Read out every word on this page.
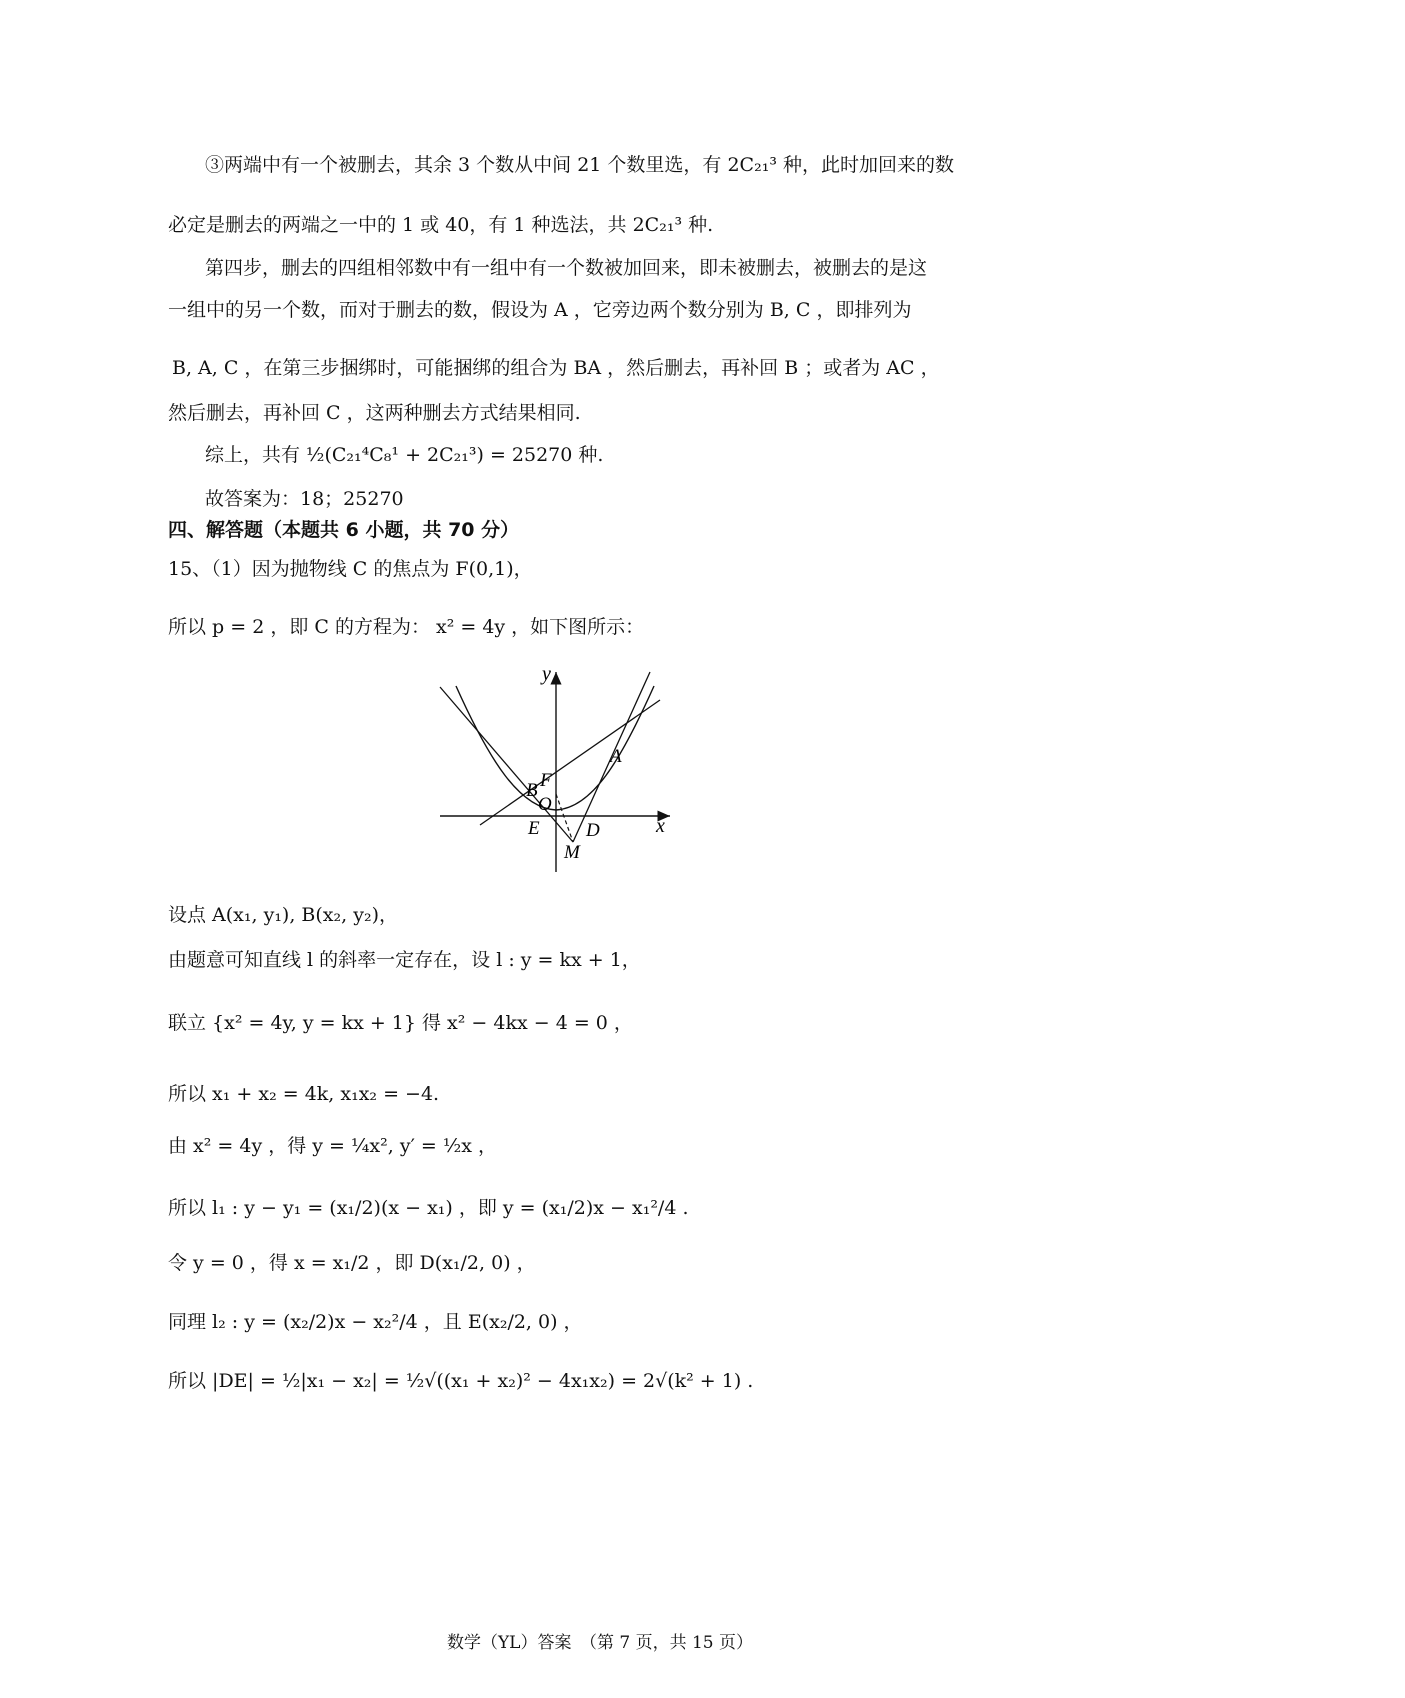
③两端中有一个被删去，其余 3 个数从中间 21 个数里选，有 2C₂₁³ 种，此时加回来的数
必定是删去的两端之一中的 1 或 40，有 1 种选法，共 2C₂₁³ 种.
第四步，删去的四组相邻数中有一组中有一个数被加回来，即未被删去，被删去的是这
一组中的另一个数，而对于删去的数，假设为 A ，它旁边两个数分别为 B, C ，即排列为
B, A, C ，在第三步捆绑时，可能捆绑的组合为 BA ，然后删去，再补回 B ；或者为 AC ，
然后删去，再补回 C ，这两种删去方式结果相同.
综上，共有 ½(C₂₁⁴C₈¹ + 2C₂₁³) = 25270 种.
故答案为：18；25270
四、解答题（本题共 6 小题，共 70 分）
15、（1）因为抛物线 C 的焦点为 F(0,1)，
所以 p = 2 ，即 C 的方程为： x² = 4y ，如下图所示：
y
x
A
B F
O
E D
M
设点 A(x₁, y₁), B(x₂, y₂)，
由题意可知直线 l 的斜率一定存在，设 l : y = kx + 1，
联立 {x² = 4y, y = kx + 1} 得 x² − 4kx − 4 = 0 ，
所以 x₁ + x₂ = 4k, x₁x₂ = −4.
由 x² = 4y ，得 y = ¼x², y′ = ½x ，
所以 l₁ : y − y₁ = (x₁/2)(x − x₁) ，即 y = (x₁/2)x − x₁²/4 .
令 y = 0 ，得 x = x₁/2 ，即 D(x₁/2, 0) ，
同理 l₂ : y = (x₂/2)x − x₂²/4 ，且 E(x₂/2, 0) ，
所以 |DE| = ½|x₁ − x₂| = ½√((x₁ + x₂)² − 4x₁x₂) = 2√(k² + 1) .
数学（YL）答案　（第 7 页，共 15 页）
